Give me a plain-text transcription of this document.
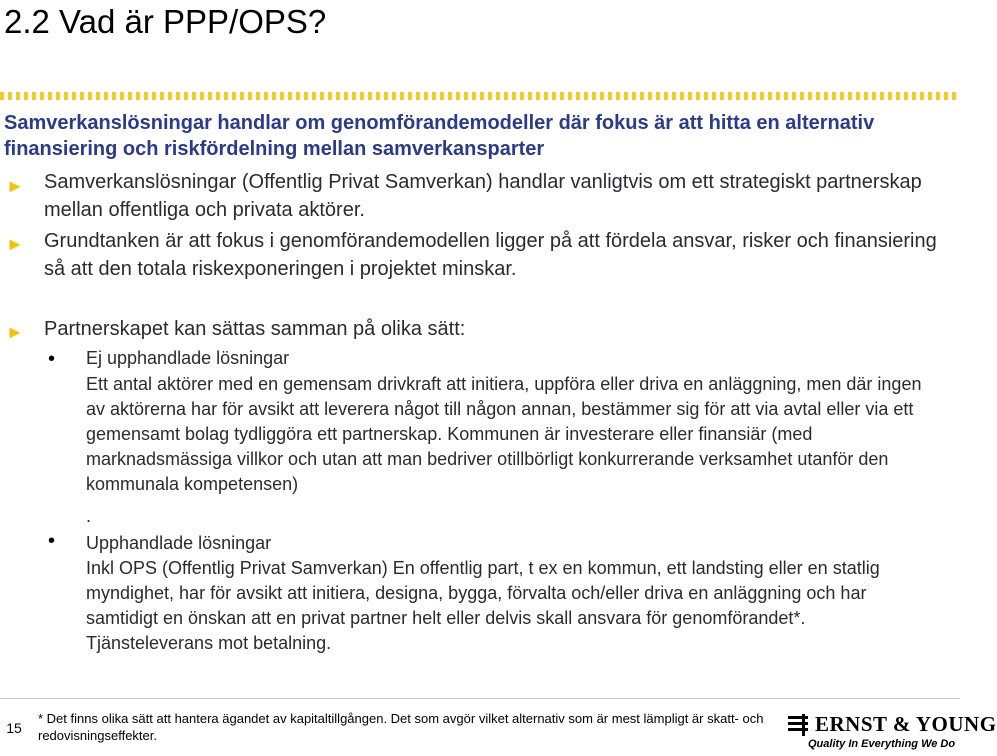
2.2 Vad är PPP/OPS?
Samverkanslösningar handlar om genomförandemodeller där fokus är att hitta en alternativ finansiering och riskfördelning mellan samverkansparter
► Samverkanslösningar (Offentlig Privat Samverkan) handlar vanligtvis om ett strategiskt partnerskap mellan offentliga och privata aktörer.
► Grundtanken är att fokus i genomförandemodellen ligger på att fördela ansvar, risker och finansiering så att den totala riskexponeringen i projektet minskar.
► Partnerskapet kan sättas samman på olika sätt:
• Ej upphandlade lösningar
Ett antal aktörer med en gemensam drivkraft att initiera, uppföra eller driva en anläggning, men där ingen av aktörerna har för avsikt att leverera något till någon annan, bestämmer sig för att via avtal eller via ett gemensamt bolag tydliggöra ett partnerskap. Kommunen är investerare eller finansiär (med marknadsmässiga villkor och utan att man bedriver otillbörligt konkurrerande verksamhet utanför den kommunala kompetensen)
.
• Upphandlade lösningar
Inkl OPS (Offentlig Privat Samverkan) En offentlig part, t ex en kommun, ett landsting eller en statlig myndighet, har för avsikt att initiera, designa, bygga, förvalta och/eller driva en anläggning och har samtidigt en önskan att en privat partner helt eller delvis skall ansvara för genomförandet*. Tjänsteleverans mot betalning.
15
* Det finns olika sätt att hantera ägandet av kapitaltillgången. Det som avgör vilket alternativ som är mest lämpligt är skatt- och redovisningseffekter.	ERNST & YOUNG
Quality In Everything We Do
